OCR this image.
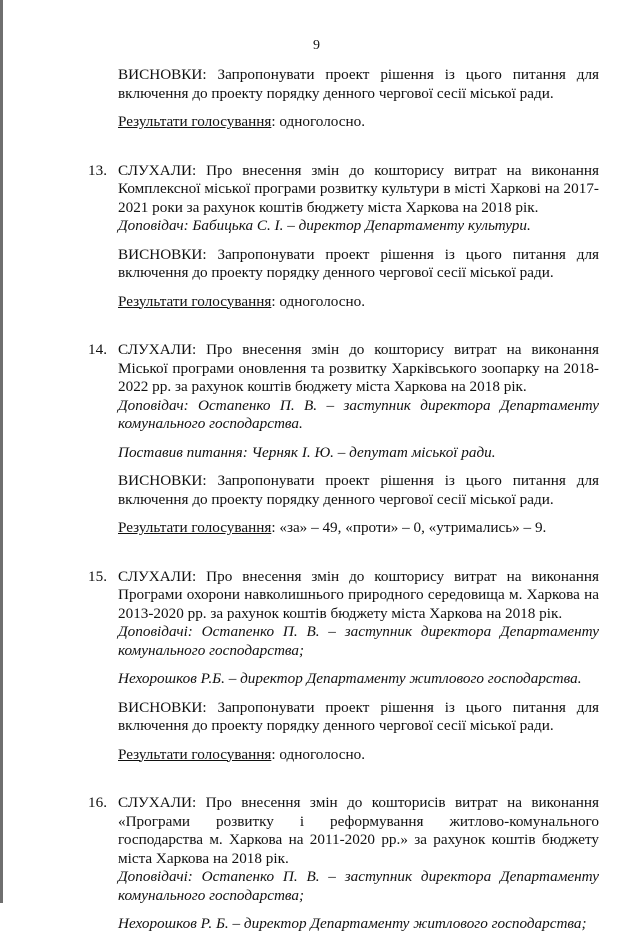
9

ВИСНОВКИ: Запропонувати проект рішення із цього питання для включення до проекту порядку денного чергової сесії міської ради.

Результати голосування: одноголосно.

13. СЛУХАЛИ: Про внесення змін до кошторису витрат на виконання Комплексної міської програми розвитку культури в місті Харкові на 2017-2021 роки за рахунок коштів бюджету міста Харкова на 2018 рік.

Доповідач: Бабицька С. І. – директор Департаменту культури.

ВИСНОВКИ: Запропонувати проект рішення із цього питання для включення до проекту порядку денного чергової сесії міської ради.

Результати голосування: одноголосно.

14. СЛУХАЛИ: Про внесення змін до кошторису витрат на виконання Міської програми оновлення та розвитку Харківського зоопарку на 2018-2022 рр. за рахунок коштів бюджету міста Харкова на 2018 рік.

Доповідач: Остапенко П. В. – заступник директора Департаменту комунального господарства.

Поставив питання: Черняк І. Ю. – депутат міської ради.

ВИСНОВКИ: Запропонувати проект рішення із цього питання для включення до проекту порядку денного чергової сесії міської ради.

Результати голосування: «за» – 49, «проти» – 0, «утримались» – 9.

15. СЛУХАЛИ: Про внесення змін до кошторису витрат на виконання Програми охорони навколишнього природного середовища м. Харкова на 2013-2020 рр. за рахунок коштів бюджету міста Харкова на 2018 рік.

Доповідачі: Остапенко П. В. – заступник директора Департаменту комунального господарства;

Нехорошков Р.Б. – директор Департаменту житлового господарства.

ВИСНОВКИ: Запропонувати проект рішення із цього питання для включення до проекту порядку денного чергової сесії міської ради.

Результати голосування: одноголосно.

16. СЛУХАЛИ: Про внесення змін до кошторисів витрат на виконання «Програми розвитку і реформування житлово-комунального господарства м. Харкова на 2011-2020 рр.» за рахунок коштів бюджету міста Харкова на 2018 рік.

Доповідачі: Остапенко П. В. – заступник директора Департаменту комунального господарства;

Нехорошков Р. Б. – директор Департаменту житлового господарства;
